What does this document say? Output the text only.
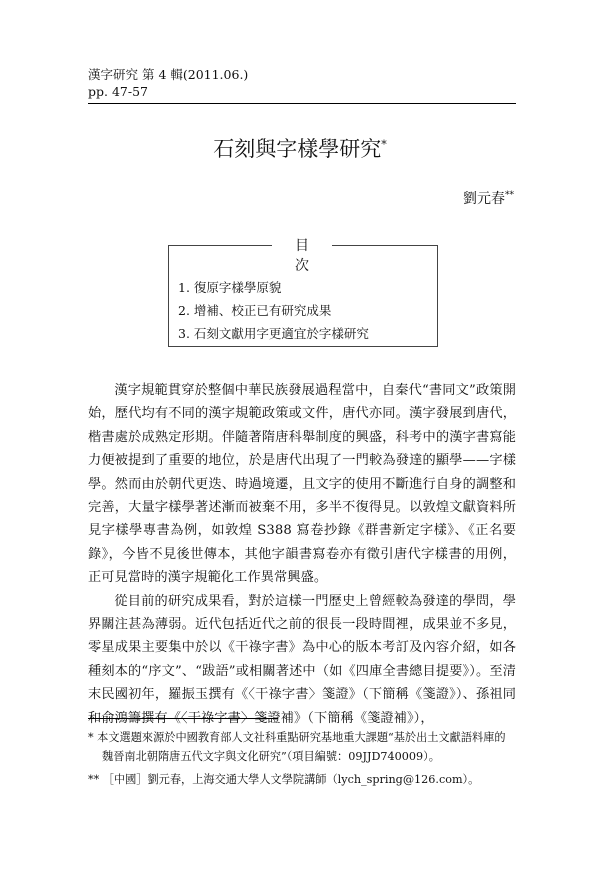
漢字研究 第 4 輯(2011.06.)
pp. 47-57
石刻與字樣學研究*
劉元春**
目次
1. 復原字樣學原貌
2. 增補、校正已有研究成果
3. 石刻文獻用字更適宜於字樣研究

漢字規範貫穿於整個中華民族發展過程當中，自秦代“書同文”政策開始，歷代均有不同的漢字規範政策或文件，唐代亦同。漢字發展到唐代，楷書處於成熟定形期。伴隨著隋唐科舉制度的興盛，科考中的漢字書寫能力便被提到了重要的地位，於是唐代出現了一門較為發達的顯學——字樣學。然而由於朝代更迭、時過境遷，且文字的使用不斷進行自身的調整和完善，大量字樣學著述漸而被棄不用，多半不復得見。以敦煌文獻資料所見字樣學專書為例，如敦煌 S388 寫卷抄錄《群書新定字樣》、《正名要錄》，今皆不見後世傳本，其他字韻書寫卷亦有徵引唐代字樣書的用例，正可見當時的漢字規範化工作異常興盛。

從目前的研究成果看，對於這樣一門歷史上曾經較為發達的學問，學界關注甚為薄弱。近代包括近代之前的很長一段時間裡，成果並不多見，零星成果主要集中於以《干祿字書》為中心的版本考訂及內容介紹，如各種刻本的“序文”、“跋語”或相關著述中（如《四庫全書總目提要》）。至清末民國初年，羅振玉撰有《〈干祿字書〉箋證》（下簡稱《箋證》）、孫祖同和俞鴻籌撰有《〈干祿字書〉箋證補》（下簡稱《箋證補》），

* 本文選題來源於中國教育部人文社科重點研究基地重大課題“基於出土文獻語料庫的魏晉南北朝隋唐五代文字與文化研究”（項目編號：09JJD740009）。
** ［中國］劉元春，上海交通大學人文學院講師（lych_spring@126.com）。
